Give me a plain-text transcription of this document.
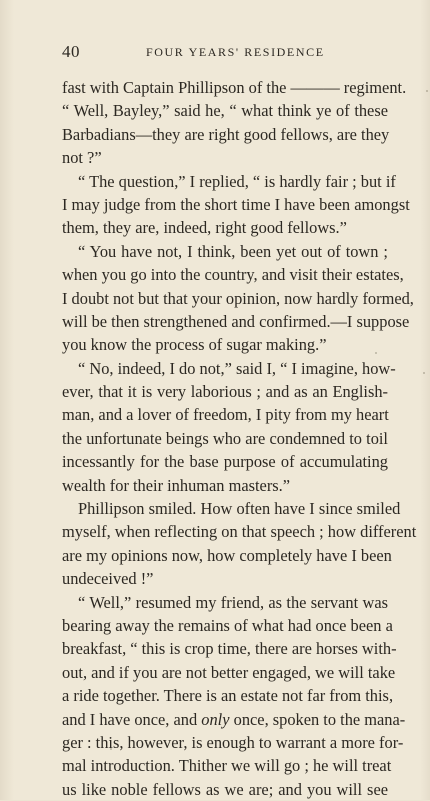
40	FOUR YEARS' RESIDENCE
fast with Captain Phillipson of the ——— regiment.
“ Well, Bayley,” said he, “ what think ye of these
Barbadians—they are right good fellows, are they
not ?”
“ The question,” I replied, “ is hardly fair ; but if
I may judge from the short time I have been amongst
them, they are, indeed, right good fellows.”
“ You have not, I think, been yet out of town ;
when you go into the country, and visit their estates,
I doubt not but that your opinion, now hardly formed,
will be then strengthened and confirmed.—I suppose
you know the process of sugar making.”
“ No, indeed, I do not,” said I, “ I imagine, how-
ever, that it is very laborious ; and as an English-
man, and a lover of freedom, I pity from my heart
the unfortunate beings who are condemned to toil
incessantly for the base purpose of accumulating
wealth for their inhuman masters.”
Phillipson smiled. How often have I since smiled
myself, when reflecting on that speech ; how different
are my opinions now, how completely have I been
undeceived !”
“ Well,” resumed my friend, as the servant was
bearing away the remains of what had once been a
breakfast, “ this is crop time, there are horses with-
out, and if you are not better engaged, we will take
a ride together. There is an estate not far from this,
and I have once, and only once, spoken to the mana-
ger : this, however, is enough to warrant a more for-
mal introduction. Thither we will go ; he will treat
us like noble fellows as we are; and you will see
